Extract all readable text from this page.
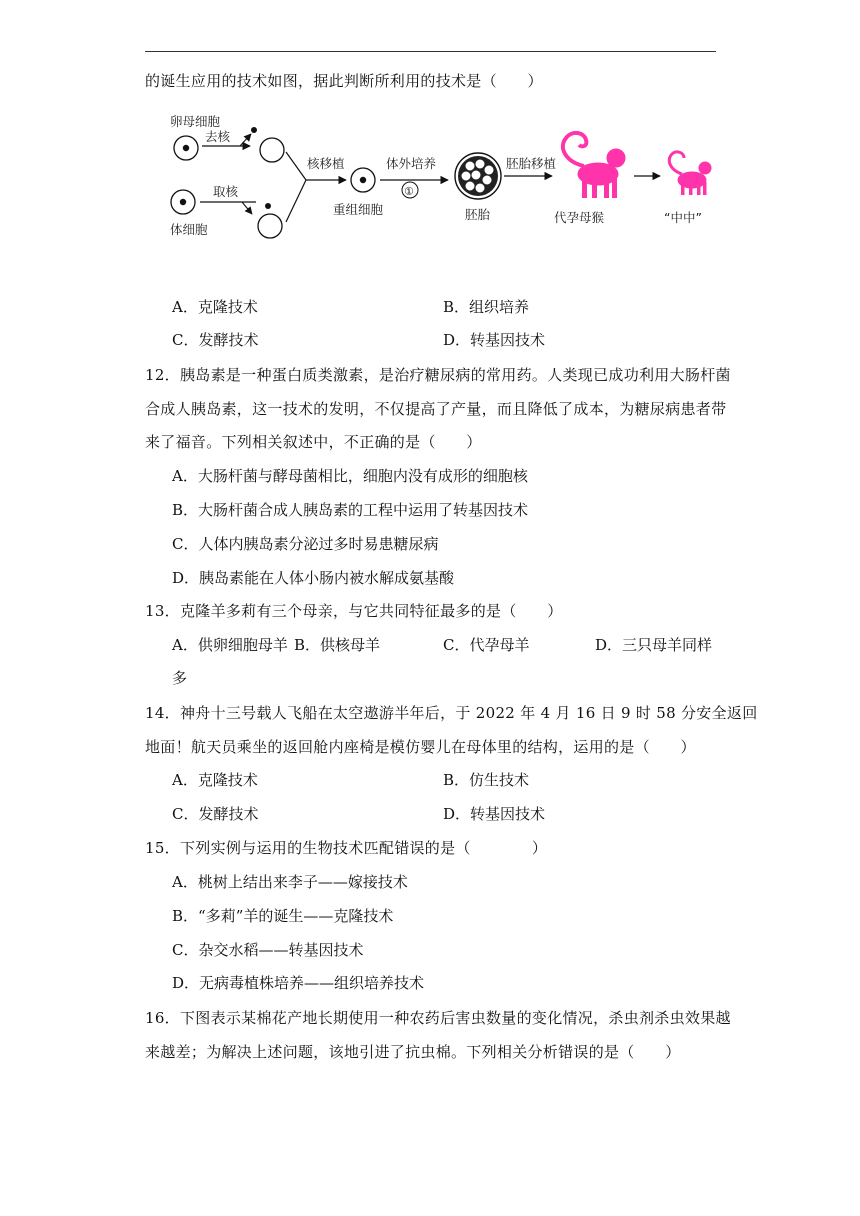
的诞生应用的技术如图，据此判断所利用的技术是（　　）
卵母细胞
去核
取核
体细胞
核移植
重组细胞
体外培养
①
胚胎
胚胎移植
代孕母猴	“中中”
A．克隆技术	B．组织培养
C．发酵技术	D．转基因技术
12．胰岛素是一种蛋白质类激素，是治疗糖尿病的常用药。人类现已成功利用大肠杆菌
合成人胰岛素，这一技术的发明，不仅提高了产量，而且降低了成本，为糖尿病患者带
来了福音。下列相关叙述中，不正确的是（　　）
A．大肠杆菌与酵母菌相比，细胞内没有成形的细胞核
B．大肠杆菌合成人胰岛素的工程中运用了转基因技术
C．人体内胰岛素分泌过多时易患糖尿病
D．胰岛素能在人体小肠内被水解成氨基酸
13．克隆羊多莉有三个母亲，与它共同特征最多的是（　　）
A．供卵细胞母羊 B．供核母羊	C．代孕母羊	D．三只母羊同样
多
14．神舟十三号载人飞船在太空遨游半年后，于 2022 年 4 月 16 日 9 时 58 分安全返回
地面！航天员乘坐的返回舱内座椅是模仿婴儿在母体里的结构，运用的是（　　）
A．克隆技术	B．仿生技术
C．发酵技术	D．转基因技术
15．下列实例与运用的生物技术匹配错误的是（　　　　）
A．桃树上结出来李子——嫁接技术
B．“多莉”羊的诞生——克隆技术
C．杂交水稻——转基因技术
D．无病毒植株培养——组织培养技术
16．下图表示某棉花产地长期使用一种农药后害虫数量的变化情况，杀虫剂杀虫效果越
来越差；为解决上述问题，该地引进了抗虫棉。下列相关分析错误的是（　　）
